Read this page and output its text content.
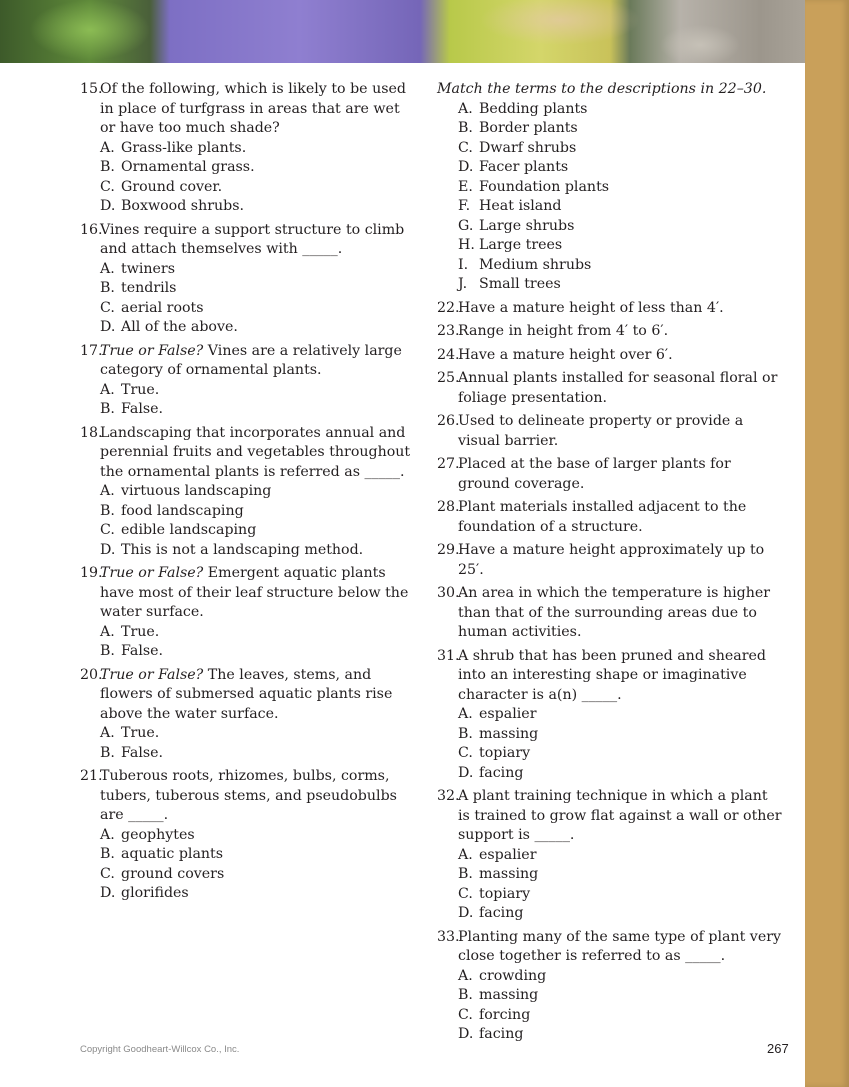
15.
Of the following, which is likely to be used in place of turfgrass in areas that are wet or have too much shade?
A. Grass-like plants.
B. Ornamental grass.
C. Ground cover.
D. Boxwood shrubs.
16.
Vines require a support structure to climb and attach themselves with _____.
A. twiners
B. tendrils
C. aerial roots
D. All of the above.
17.
True or False? Vines are a relatively large category of ornamental plants.
A. True.
B. False.
18.
Landscaping that incorporates annual and perennial fruits and vegetables throughout the ornamental plants is referred as _____.
A. virtuous landscaping
B. food landscaping
C. edible landscaping
D. This is not a landscaping method.
19.
True or False? Emergent aquatic plants have most of their leaf structure below the water surface.
A. True.
B. False.
20.
True or False? The leaves, stems, and flowers of submersed aquatic plants rise above the water surface.
A. True.
B. False.
21.
Tuberous roots, rhizomes, bulbs, corms, tubers, tuberous stems, and pseudobulbs are _____.
A. geophytes
B. aquatic plants
C. ground covers
D. glorifides
Match the terms to the descriptions in 22–30.
A. Bedding plants
B. Border plants
C. Dwarf shrubs
D. Facer plants
E. Foundation plants
F. Heat island
G. Large shrubs
H. Large trees
I. Medium shrubs
J. Small trees
22.
Have a mature height of less than 4′.
23.
Range in height from 4′ to 6′.
24.
Have a mature height over 6′.
25.
Annual plants installed for seasonal floral or foliage presentation.
26.
Used to delineate property or provide a visual barrier.
27.
Placed at the base of larger plants for ground coverage.
28.
Plant materials installed adjacent to the foundation of a structure.
29.
Have a mature height approximately up to 25′.
30.
An area in which the temperature is higher than that of the surrounding areas due to human activities.
31.
A shrub that has been pruned and sheared into an interesting shape or imaginative character is a(n) _____.
A. espalier
B. massing
C. topiary
D. facing
32.
A plant training technique in which a plant is trained to grow flat against a wall or other support is _____.
A. espalier
B. massing
C. topiary
D. facing
33.
Planting many of the same type of plant very close together is referred to as _____.
A. crowding
B. massing
C. forcing
D. facing
Copyright Goodheart-Willcox Co., Inc.	267
